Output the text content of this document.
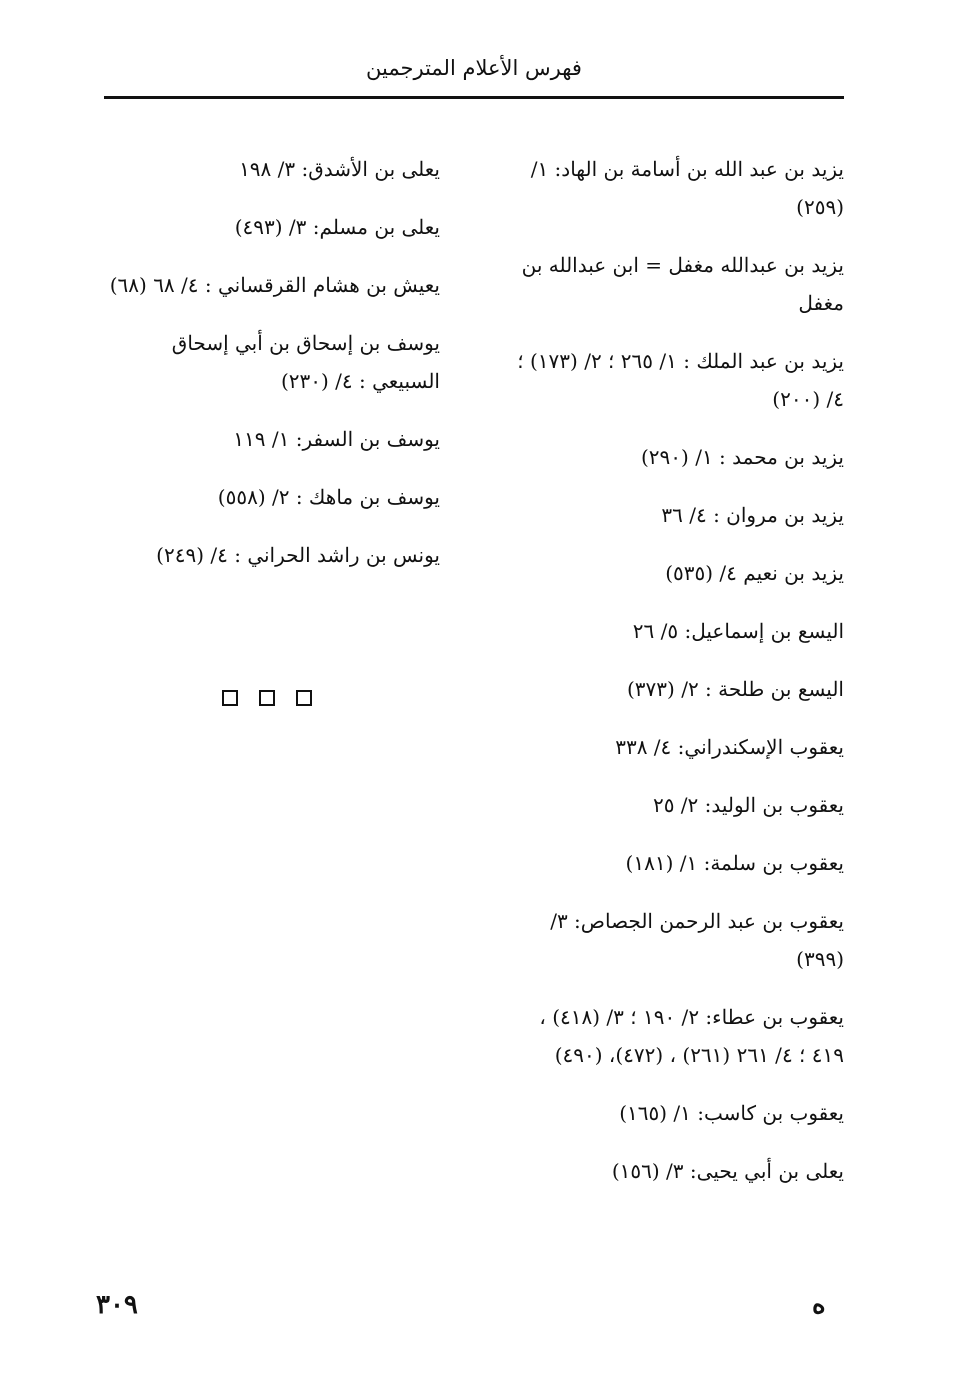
فهرس الأعلام المترجمين

يزيد بن عبد الله بن أسامة بن الهاد: ١/ (٢٥٩)

يزيد بن عبدالله مغفل = ابن عبدالله بن مغفل

يزيد بن عبد الملك : ١/ ٢٦٥ ؛ ٢/ (١٧٣) ؛ ٤/ (٢٠٠)

يزيد بن محمد : ١/ (٢٩٠)

يزيد بن مروان : ٤/ ٣٦

يزيد بن نعيم ٤/ (٥٣٥)

اليسع بن إسماعيل: ٥/ ٢٦

اليسع بن طلحة : ٢/ (٣٧٣)

يعقوب الإسكندراني: ٤/ ٣٣٨

يعقوب بن الوليد: ٢/ ٢٥

يعقوب بن سلمة: ١/ (١٨١)

يعقوب بن عبد الرحمن الجصاص: ٣/ (٣٩٩)

يعقوب بن عطاء: ٢/ ١٩٠ ؛ ٣/ (٤١٨) ، ٤١٩ ؛ ٤/ ٢٦١ (٢٦١) ، (٤٧٢)، (٤٩٠)

يعقوب بن كاسب: ١/ (١٦٥)

يعلى بن أبي يحيى: ٣/ (١٥٦)

يعلى بن الأشدق: ٣/ ١٩٨

يعلى بن مسلم: ٣/ (٤٩٣)

يعيش بن هشام القرقساني : ٤/ ٦٨ (٦٨)

يوسف بن إسحاق بن أبي إسحاق السبيعي : ٤/ (٢٣٠)

يوسف بن السفر: ١/ ١١٩

يوسف بن ماهك : ٢/ (٥٥٨)

يونس بن راشد الحراني : ٤/ (٢٤٩)

٣٠٩	ه
